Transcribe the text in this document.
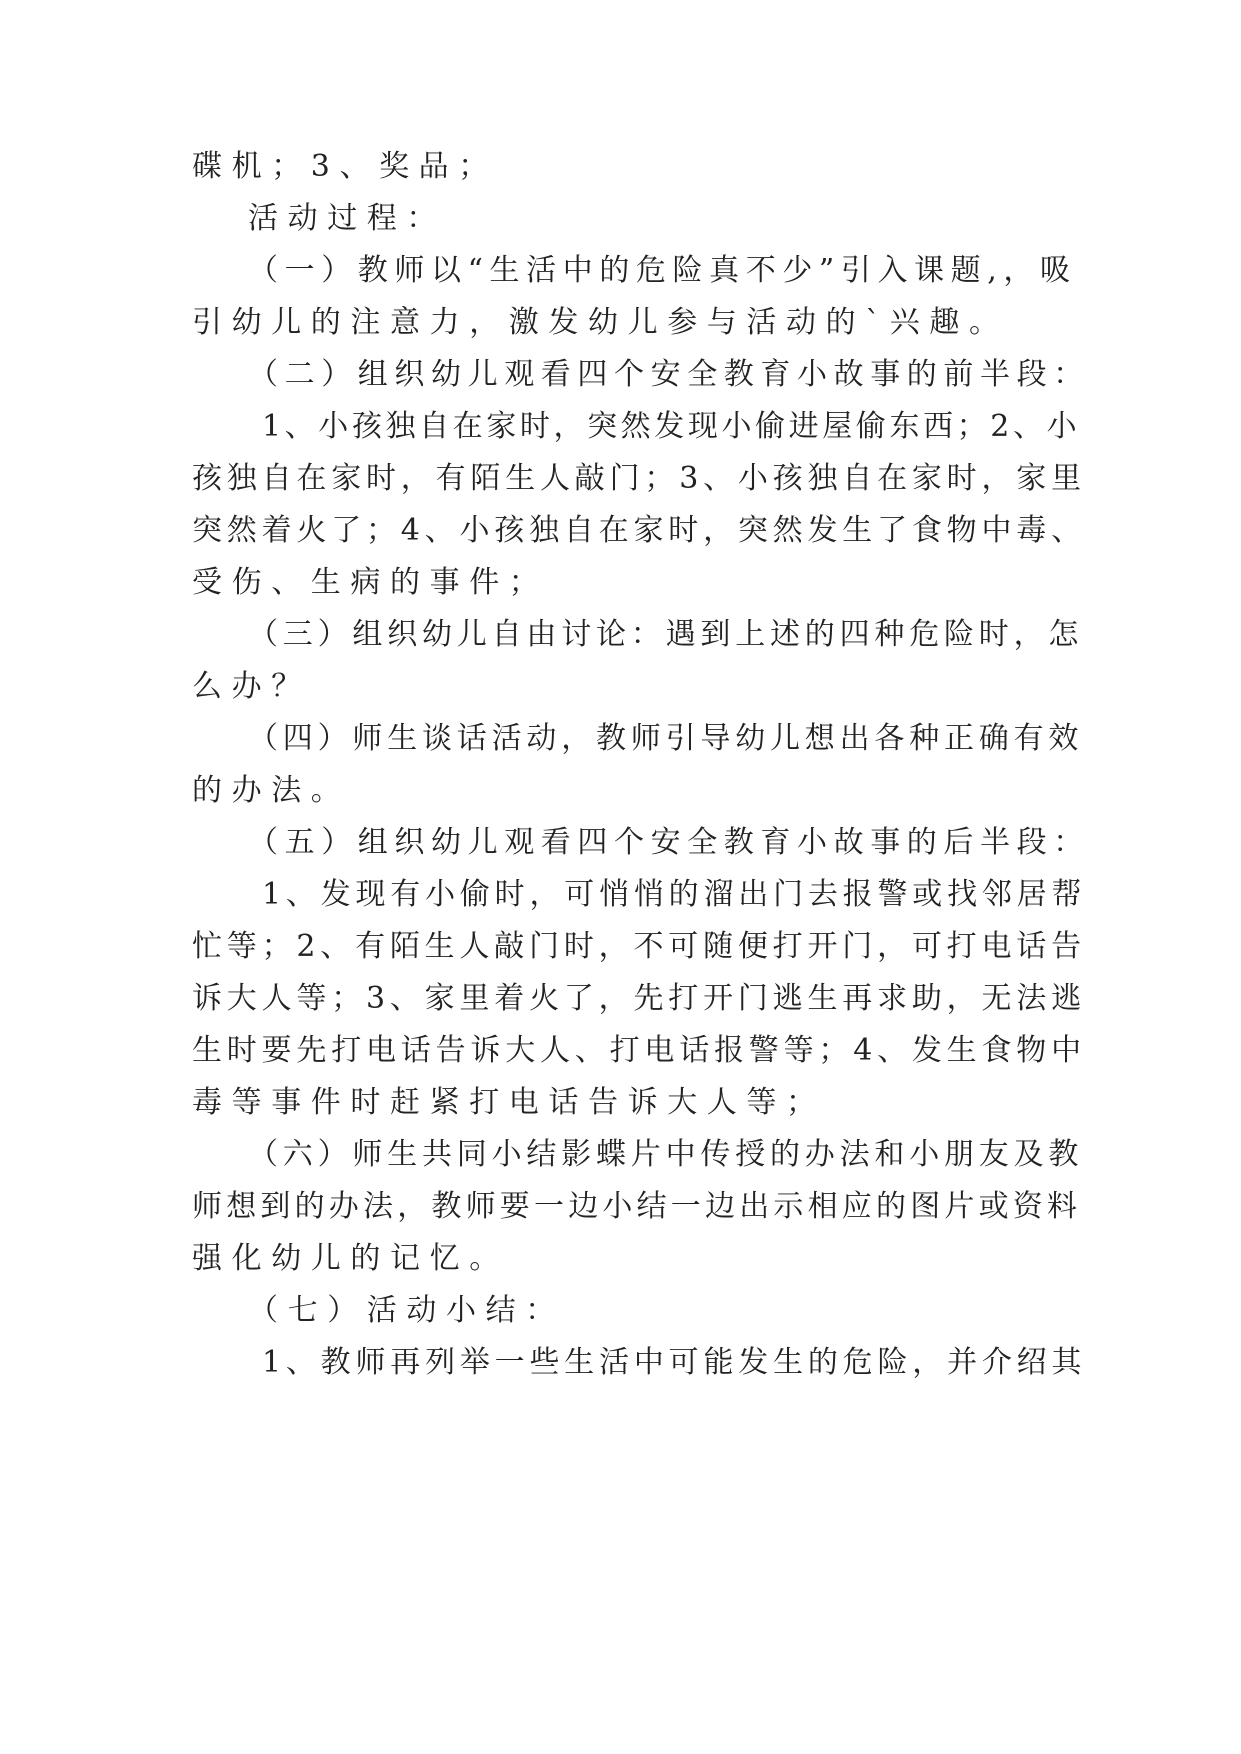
碟机；3、奖品；
活动过程：
（一）教师以“生活中的危险真不少”引入课题,，吸
引幼儿的注意力，激发幼儿参与活动的`兴趣。
（二）组织幼儿观看四个安全教育小故事的前半段：
1、小孩独自在家时，突然发现小偷进屋偷东西；2、小
孩独自在家时，有陌生人敲门；3、小孩独自在家时，家里
突然着火了；4、小孩独自在家时，突然发生了食物中毒、
受伤、生病的事件；
（三）组织幼儿自由讨论：遇到上述的四种危险时，怎
么办？
（四）师生谈话活动，教师引导幼儿想出各种正确有效
的办法。
（五）组织幼儿观看四个安全教育小故事的后半段：
1、发现有小偷时，可悄悄的溜出门去报警或找邻居帮
忙等；2、有陌生人敲门时，不可随便打开门，可打电话告
诉大人等；3、家里着火了，先打开门逃生再求助，无法逃
生时要先打电话告诉大人、打电话报警等；4、发生食物中
毒等事件时赶紧打电话告诉大人等；
（六）师生共同小结影蝶片中传授的办法和小朋友及教
师想到的办法，教师要一边小结一边出示相应的图片或资料
强化幼儿的记忆。
（七）活动小结：
1、教师再列举一些生活中可能发生的危险，并介绍其
